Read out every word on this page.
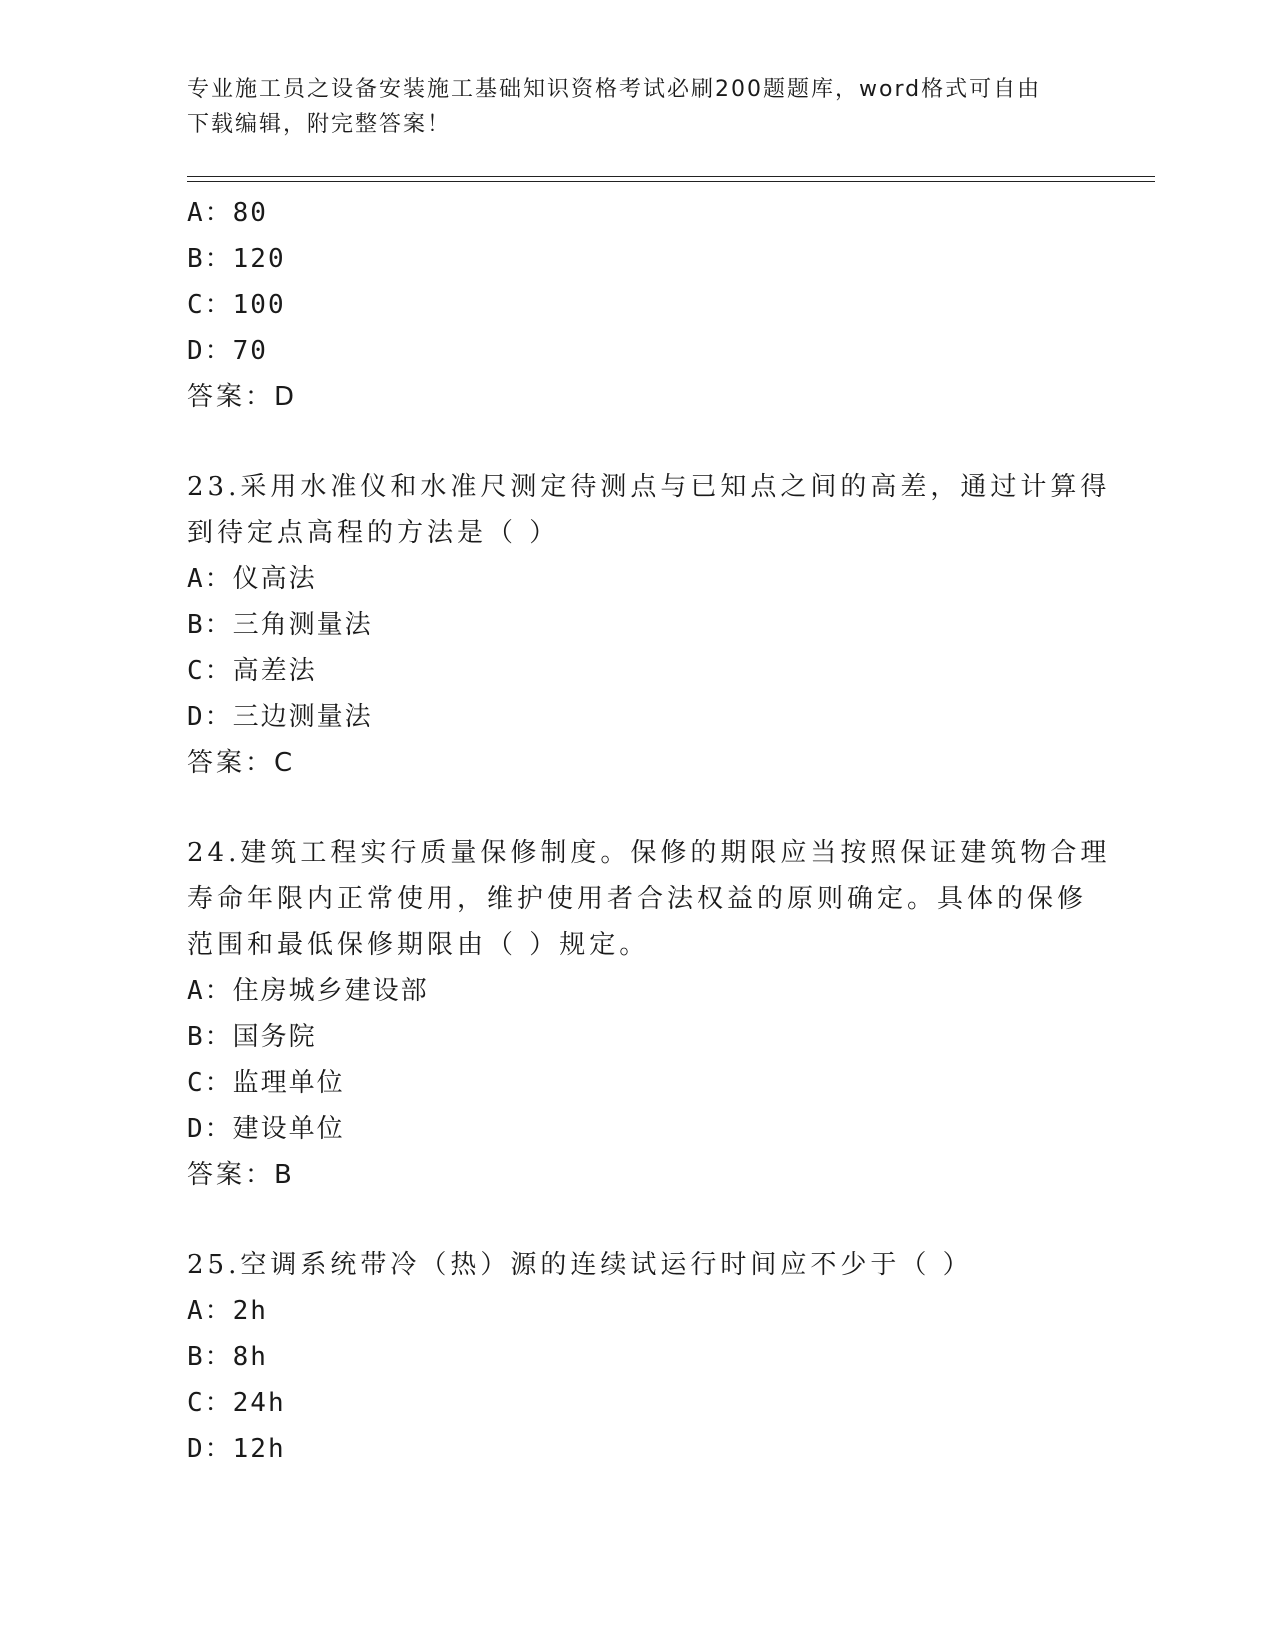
专业施工员之设备安装施工基础知识资格考试必刷200题题库，word格式可自由
下载编辑，附完整答案！
A：80
B：120
C：100
D：70
答案：D
23.采用水准仪和水准尺测定待测点与已知点之间的高差，通过计算得
到待定点高程的方法是（ ）
A：仪高法
B：三角测量法
C：高差法
D：三边测量法
答案：C
24.建筑工程实行质量保修制度。保修的期限应当按照保证建筑物合理
寿命年限内正常使用，维护使用者合法权益的原则确定。具体的保修
范围和最低保修期限由（ ）规定。
A：住房城乡建设部
B：国务院
C：监理单位
D：建设单位
答案：B
25.空调系统带冷（热）源的连续试运行时间应不少于（ ）
A：2h
B：8h
C：24h
D：12h
